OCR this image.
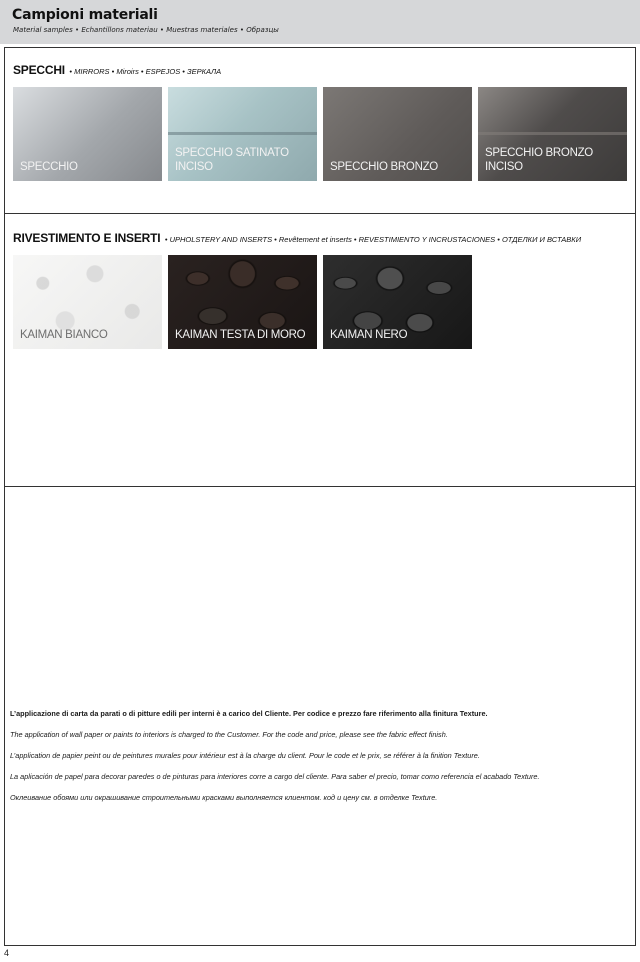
Campioni materiali
Material samples • Echantillons materiau • Muestras materiales • Образцы
SPECCHI • MIRRORS • Miroirs • ESPEJOS • ЗЕРКАЛА
SPECCHIO
SPECCHIO SATINATO
INCISO	SPECCHIO BRONZO
SPECCHIO BRONZO
INCISO
RIVESTIMENTO E INSERTI • UPHOLSTERY AND INSERTS • Revêtement et inserts • REVESTIMIENTO Y INCRUSTACIONES • ОТДЕЛКИ И ВСТАВКИ
KAIMAN BIANCO	KAIMAN TESTA DI MORO KAIMAN NERO

L’applicazione di carta da parati o di pitture edili per interni è a carico del Cliente. Per codice e prezzo fare riferimento alla finitura Texture.

The application of wall paper or paints to interiors is charged to the Customer. For the code and price, please see the fabric effect finish.

L’application de papier peint ou de peintures murales pour intérieur est à la charge du client. Pour le code et le prix, se référer à la finition Texture.

La aplicación de papel para decorar paredes o de pinturas para interiores corre a cargo del cliente. Para saber el precio, tomar como referencia el acabado Texture.

Оклеивание обоями или окрашивание строительными красками выполняется клиентом. код и цену см. в отделке Texture.

4
